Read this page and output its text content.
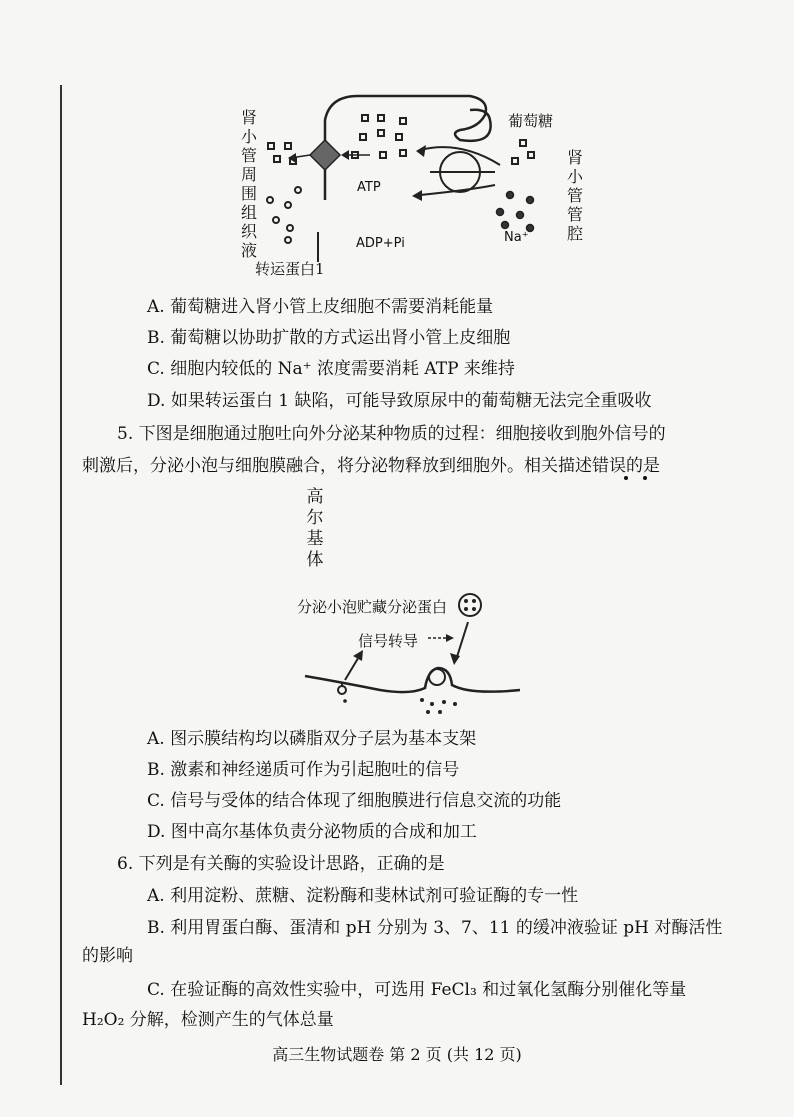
肾小管周围组织液
肾小管管腔
葡萄糖
ATP
ADP+Pi	Na⁺
转运蛋白1
A. 葡萄糖进入肾小管上皮细胞不需要消耗能量
B. 葡萄糖以协助扩散的方式运出肾小管上皮细胞
C. 细胞内较低的 Na⁺ 浓度需要消耗 ATP 来维持
D. 如果转运蛋白 1 缺陷，可能导致原尿中的葡萄糖无法完全重吸收
5. 下图是细胞通过胞吐向外分泌某种物质的过程：细胞接收到胞外信号的
刺激后，分泌小泡与细胞膜融合，将分泌物释放到细胞外。相关描述错误的是
高尔基体
分泌小泡贮藏分泌蛋白
信号转导
A. 图示膜结构均以磷脂双分子层为基本支架
B. 激素和神经递质可作为引起胞吐的信号
C. 信号与受体的结合体现了细胞膜进行信息交流的功能
D. 图中高尔基体负责分泌物质的合成和加工
6. 下列是有关酶的实验设计思路，正确的是
A. 利用淀粉、蔗糖、淀粉酶和斐林试剂可验证酶的专一性
B. 利用胃蛋白酶、蛋清和 pH 分别为 3、7、11 的缓冲液验证 pH 对酶活性
的影响
C. 在验证酶的高效性实验中，可选用 FeCl₃ 和过氧化氢酶分别催化等量
H₂O₂ 分解，检测产生的气体总量
高三生物试题卷 第 2 页 (共 12 页)
